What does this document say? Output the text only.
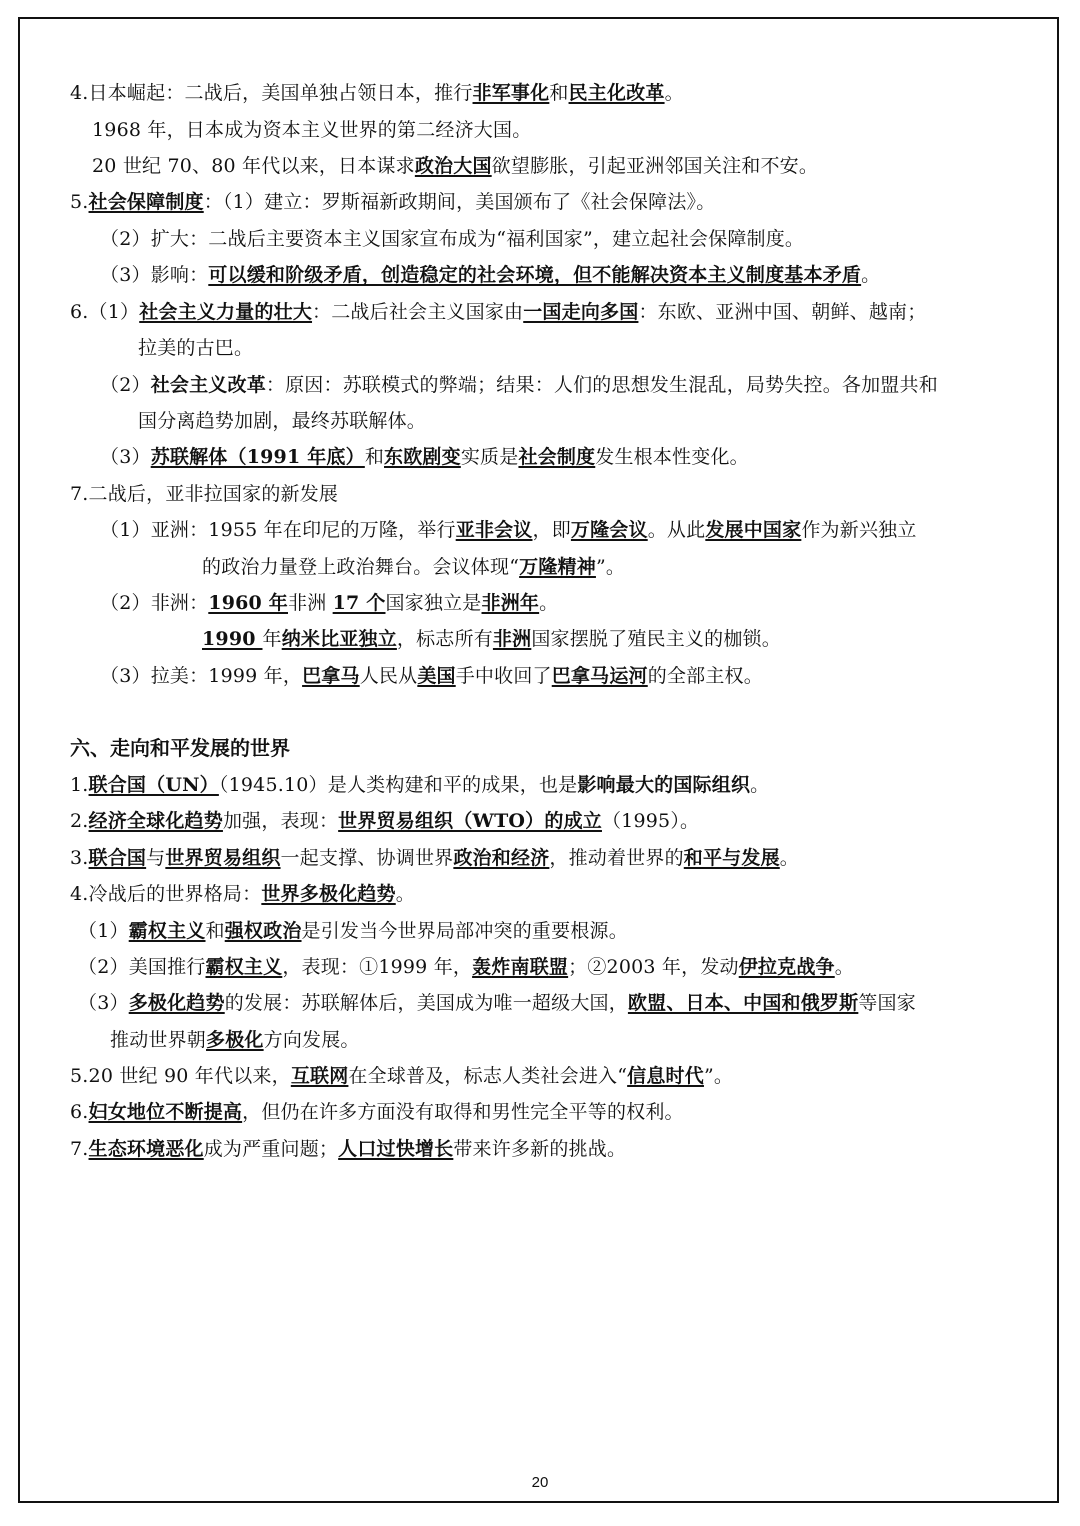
4.日本崛起：二战后，美国单独占领日本，推行非军事化和民主化改革。
1968 年，日本成为资本主义世界的第二经济大国。
20 世纪 70、80 年代以来，日本谋求政治大国欲望膨胀，引起亚洲邻国关注和不安。
5.社会保障制度：（1）建立：罗斯福新政期间，美国颁布了《社会保障法》。
（2）扩大：二战后主要资本主义国家宣布成为“福利国家”，建立起社会保障制度。
（3）影响：可以缓和阶级矛盾，创造稳定的社会环境，但不能解决资本主义制度基本矛盾。
6.（1）社会主义力量的壮大：二战后社会主义国家由一国走向多国：东欧、亚洲中国、朝鲜、越南；
拉美的古巴。
（2）社会主义改革：原因：苏联模式的弊端；结果：人们的思想发生混乱，局势失控。各加盟共和
国分离趋势加剧，最终苏联解体。
（3）苏联解体（1991 年底）和东欧剧变实质是社会制度发生根本性变化。
7.二战后，亚非拉国家的新发展
（1）亚洲：1955 年在印尼的万隆，举行亚非会议，即万隆会议。从此发展中国家作为新兴独立
的政治力量登上政治舞台。会议体现“万隆精神”。
（2）非洲：1960 年非洲 17 个国家独立是非洲年。
1990 年纳米比亚独立，标志所有非洲国家摆脱了殖民主义的枷锁。
（3）拉美：1999 年，巴拿马人民从美国手中收回了巴拿马运河的全部主权。
1.联合国（UN）（1945.10）是人类构建和平的成果，也是影响最大的国际组织。
2.经济全球化趋势加强，表现：世界贸易组织（WTO）的成立（1995）。
3.联合国与世界贸易组织一起支撑、协调世界政治和经济，推动着世界的和平与发展。
4.冷战后的世界格局：世界多极化趋势。
（1）霸权主义和强权政治是引发当今世界局部冲突的重要根源。
（2）美国推行霸权主义，表现：①1999 年，轰炸南联盟；②2003 年，发动伊拉克战争。
（3）多极化趋势的发展：苏联解体后，美国成为唯一超级大国，欧盟、日本、中国和俄罗斯等国家
推动世界朝多极化方向发展。
5.20 世纪 90 年代以来，互联网在全球普及，标志人类社会进入“信息时代”。
6.妇女地位不断提高，但仍在许多方面没有取得和男性完全平等的权利。
7.生态环境恶化成为严重问题；人口过快增长带来许多新的挑战。
六、走向和平发展的世界
20
